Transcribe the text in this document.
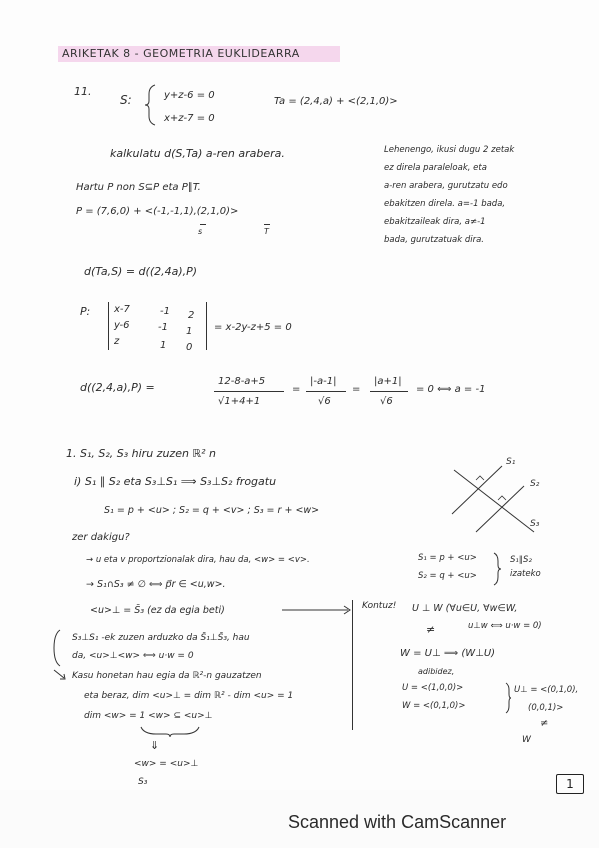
ARIKETAK 8 - GEOMETRIA EUKLIDEARRA
11.
S:	y+z-6 = 0
x+z-7 = 0
Ta = (2,4,a) + <(2,1,0)>
kalkulatu d(S,Ta) a-ren arabera.	Lehenengo, ikusi dugu 2 zetak
ez direla paraleloak, eta
a-ren arabera, gurutzatu edo
ebakitzen direla. a=-1 bada,
ebakitzaileak dira, a≠-1
bada, gurutzatuak dira.
Hartu P non S⊆P eta P∥T.
P = (7,6,0) + <(-1,-1,1),(2,1,0)>
s	T
d(Ta,S) = d((2,4a),P)
P: x-7	-1 2
y-6	-1 1
z	1 0
= x-2y-z+5 = 0
d((2,4,a),P) =	12-8-a+5
√1+4+1
=
|-a-1|
√6
=
|a+1|
√6
= 0 ⟺ a = -1
1. S₁, S₂, S₃ hiru zuzen ℝ² n
i) S₁ ∥ S₂ eta S₃⊥S₁ ⟹ S₃⊥S₂ frogatu
S₁ = p + <u> ; S₂ = q + <v> ; S₃ = r + <w>
S₁
S₂
S₃
zer dakigu?
→ u eta v proportzionalak dira, hau da, <w> = <v>.
→ S₁∩S₃ ≠ ∅ ⟺ p⃗r ∈ <u,w>.
S₁ = p + <u>
S₂ = q + <u>
S₁∥S₂
izateko
<u>⊥ = S̄₃ (ez da egia beti)	Kontuz! U ⊥ W (∀u∈U, ∀w∈W,
u⊥w ⟺ u·w = 0)
≠
S₃⊥S₁ -ek zuzen arduzko da S̄₁⊥S̄₃, hau
da, <u>⊥<w> ⟺ u·w = 0	W = U⊥ ⟹ (W⊥U)
adibidez,
U = <(1,0,0)>
W = <(0,1,0)>
U⊥ = <(0,1,0),
(0,0,1)>
≠
W
Kasu honetan hau egia da ℝ²-n gauzatzen
eta beraz, dim <u>⊥ = dim ℝ² - dim <u> = 1
dim <w> = 1 <w> ⊆ <u>⊥
⇓
<w> = <u>⊥
S₃	1
Scanned with CamScanner
